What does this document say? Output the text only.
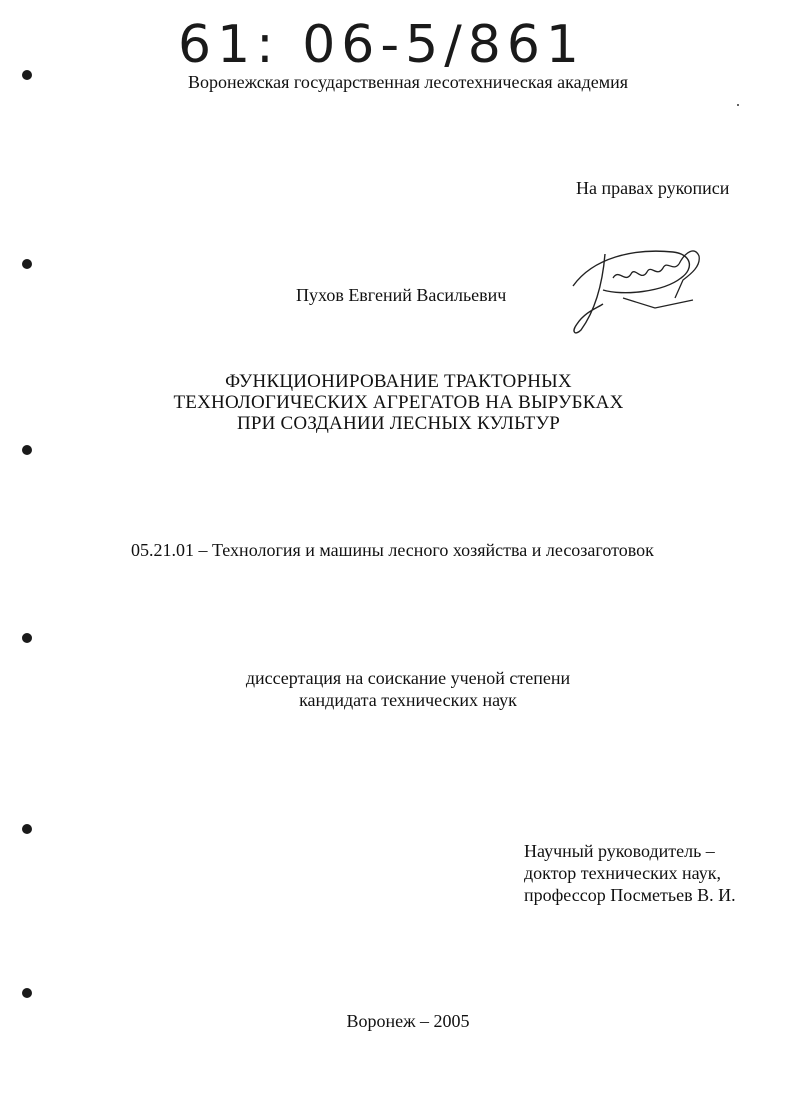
61: 06-5/861
Воронежская государственная лесотехническая академия
На правах рукописи
Пухов Евгений Васильевич
Пухов
ФУНКЦИОНИРОВАНИЕ ТРАКТОРНЫХ
ТЕХНОЛОГИЧЕСКИХ АГРЕГАТОВ НА ВЫРУБКАХ
ПРИ СОЗДАНИИ ЛЕСНЫХ КУЛЬТУР
05.21.01 – Технология и машины лесного хозяйства и лесозаготовок
диссертация на соискание ученой степени
кандидата технических наук
Научный руководитель –
доктор технических наук,
профессор Посметьев В. И.
Воронеж – 2005
